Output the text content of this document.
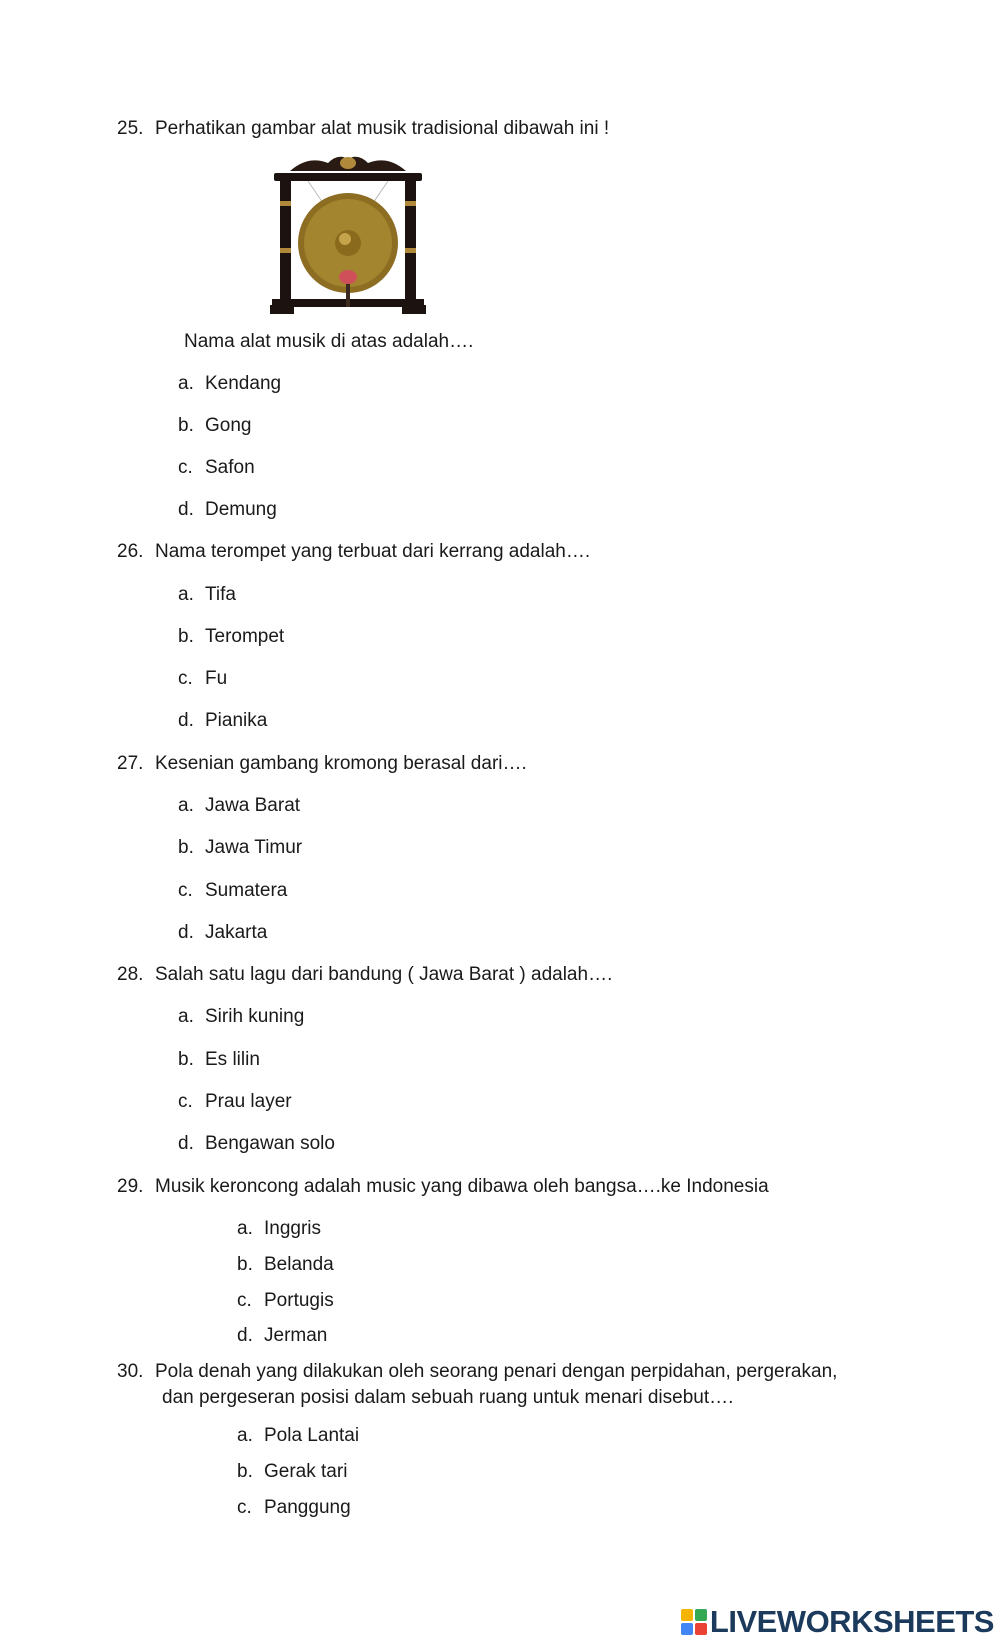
25. Perhatikan gambar alat musik tradisional dibawah ini !
Nama alat musik di atas adalah….
a. Kendang
b. Gong
c. Safon
d. Demung
26. Nama terompet yang terbuat dari kerrang adalah….
a. Tifa
b. Terompet
c. Fu
d. Pianika
27. Kesenian gambang kromong berasal dari….
a. Jawa Barat
b. Jawa Timur
c. Sumatera
d. Jakarta
28. Salah satu lagu dari bandung ( Jawa Barat ) adalah….
a. Sirih kuning
b. Es lilin
c. Prau layer
d. Bengawan solo
29. Musik keroncong adalah music yang dibawa oleh bangsa….ke Indonesia
a. Inggris
b. Belanda
c. Portugis
d. Jerman
30. Pola denah yang dilakukan oleh seorang penari dengan perpidahan, pergerakan,
dan pergeseran posisi dalam sebuah ruang untuk menari disebut….
a. Pola Lantai
b. Gerak tari
c. Panggung
LIVEWORKSHEETS
